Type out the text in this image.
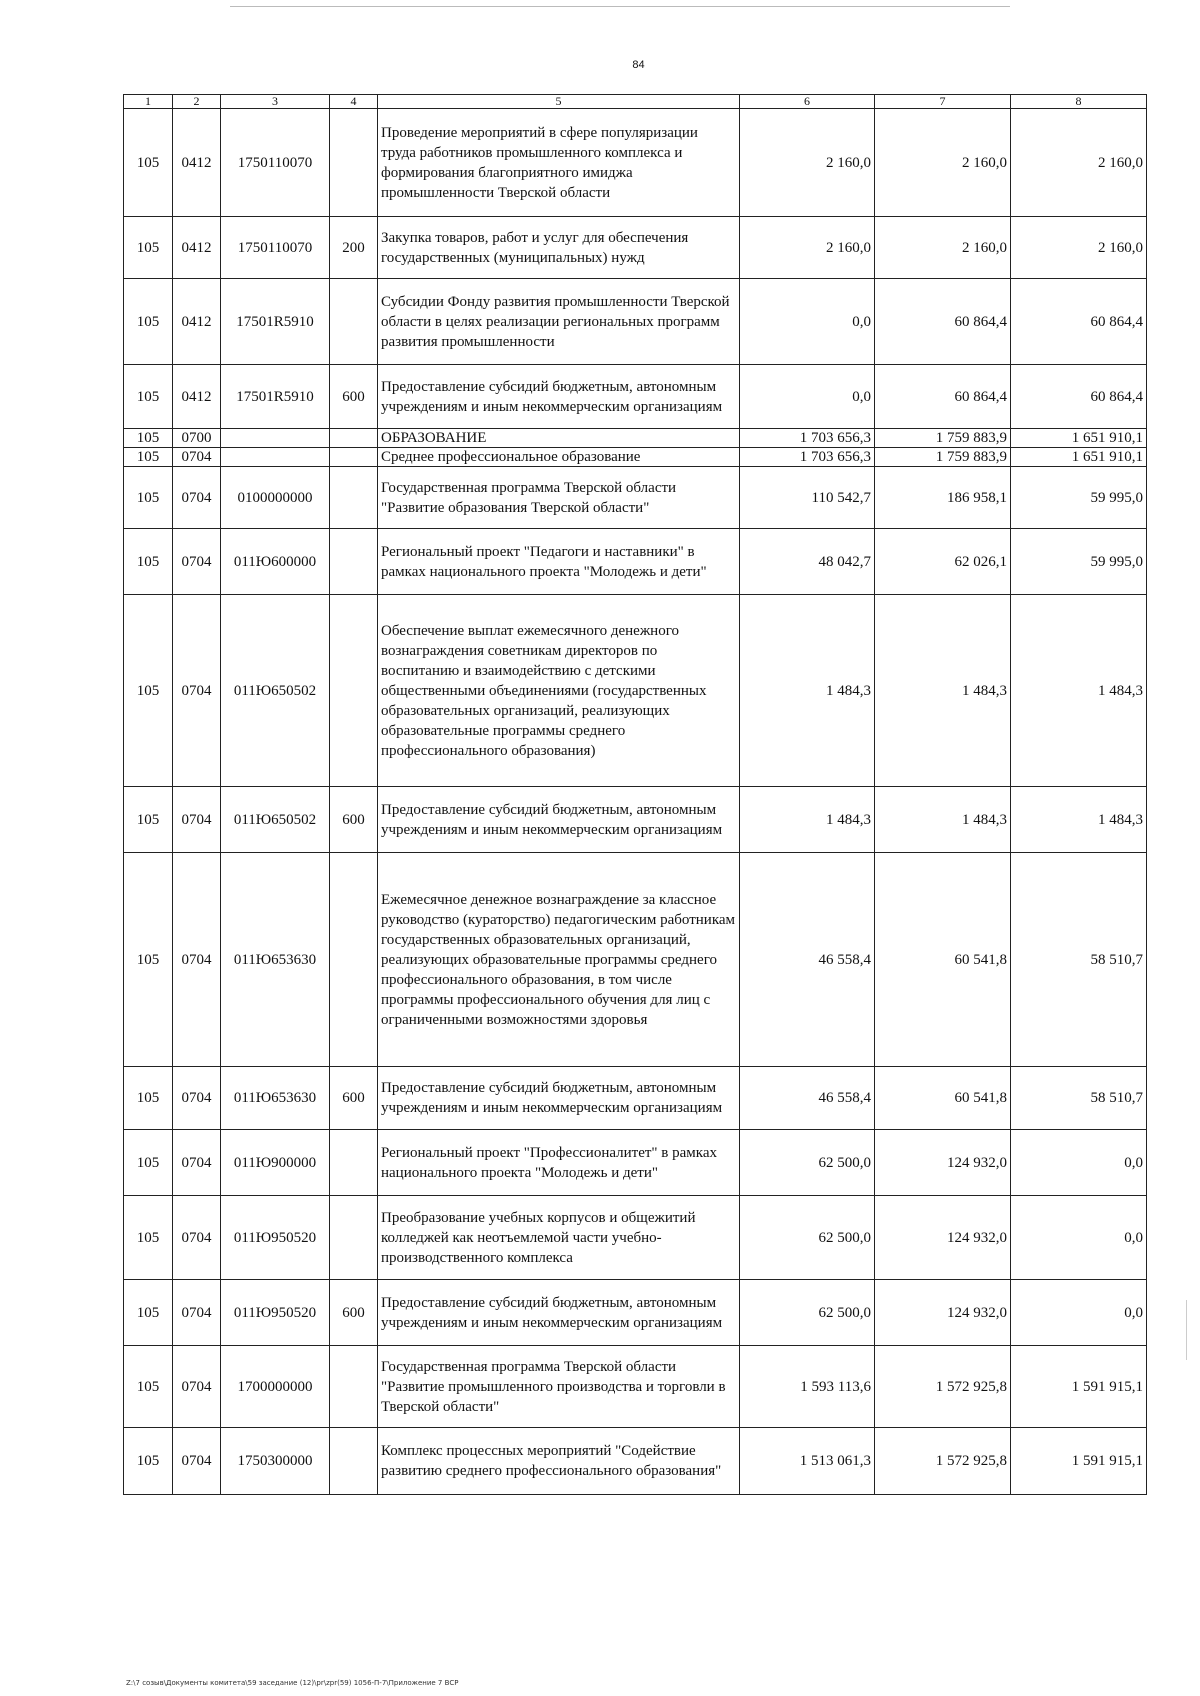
84
1	2	3	4	5	6	7	8
105	0412	1750110070		Проведение мероприятий в сфере популяризации труда работников промышленного комплекса и формирования благоприятного имиджа промышленности Тверской области	2 160,0	2 160,0	2 160,0
105	0412	1750110070	200	Закупка товаров, работ и услуг для обеспечения государственных (муниципальных) нужд	2 160,0	2 160,0	2 160,0
105	0412	17501R5910		Субсидии Фонду развития промышленности Тверской области в целях реализации региональных программ развития промышленности	0,0	60 864,4	60 864,4
105	0412	17501R5910	600	Предоставление субсидий бюджетным, автономным учреждениям и иным некоммерческим организациям	0,0	60 864,4	60 864,4
105	0700			ОБРАЗОВАНИЕ	1 703 656,3	1 759 883,9	1 651 910,1
105	0704			Среднее профессиональное образование	1 703 656,3	1 759 883,9	1 651 910,1
105	0704	0100000000		Государственная программа Тверской области "Развитие образования Тверской области"	110 542,7	186 958,1	59 995,0
105	0704	011Ю600000		Региональный проект "Педагоги и наставники" в рамках национального проекта "Молодежь и дети"	48 042,7	62 026,1	59 995,0
105	0704	011Ю650502		Обеспечение выплат ежемесячного денежного вознаграждения советникам директоров по воспитанию и взаимодействию с детскими общественными объединениями (государственных образовательных организаций, реализующих образовательные программы среднего профессионального образования)	1 484,3	1 484,3	1 484,3
105	0704	011Ю650502	600	Предоставление субсидий бюджетным, автономным учреждениям и иным некоммерческим организациям	1 484,3	1 484,3	1 484,3
105	0704	011Ю653630		Ежемесячное денежное вознаграждение за классное руководство (кураторство) педагогическим работникам государственных образовательных организаций, реализующих образовательные программы среднего профессионального образования, в том числе программы профессионального обучения для лиц с ограниченными возможностями здоровья	46 558,4	60 541,8	58 510,7
105	0704	011Ю653630	600	Предоставление субсидий бюджетным, автономным учреждениям и иным некоммерческим организациям	46 558,4	60 541,8	58 510,7
105	0704	011Ю900000		Региональный проект "Профессионалитет" в рамках национального проекта "Молодежь и дети"	62 500,0	124 932,0	0,0
105	0704	011Ю950520		Преобразование учебных корпусов и общежитий колледжей как неотъемлемой части учебно-производственного комплекса	62 500,0	124 932,0	0,0
105	0704	011Ю950520	600	Предоставление субсидий бюджетным, автономным учреждениям и иным некоммерческим организациям	62 500,0	124 932,0	0,0
105	0704	1700000000		Государственная программа Тверской области "Развитие промышленного производства и торговли в Тверской области"	1 593 113,6	1 572 925,8	1 591 915,1
105	0704	1750300000		Комплекс процессных мероприятий "Содействие развитию среднего профессионального образования"	1 513 061,3	1 572 925,8	1 591 915,1
Z:\7 созыв\Документы комитета\59 заседание (12)\pr\zpr(59) 1056-П-7\Приложение 7 ВСР
